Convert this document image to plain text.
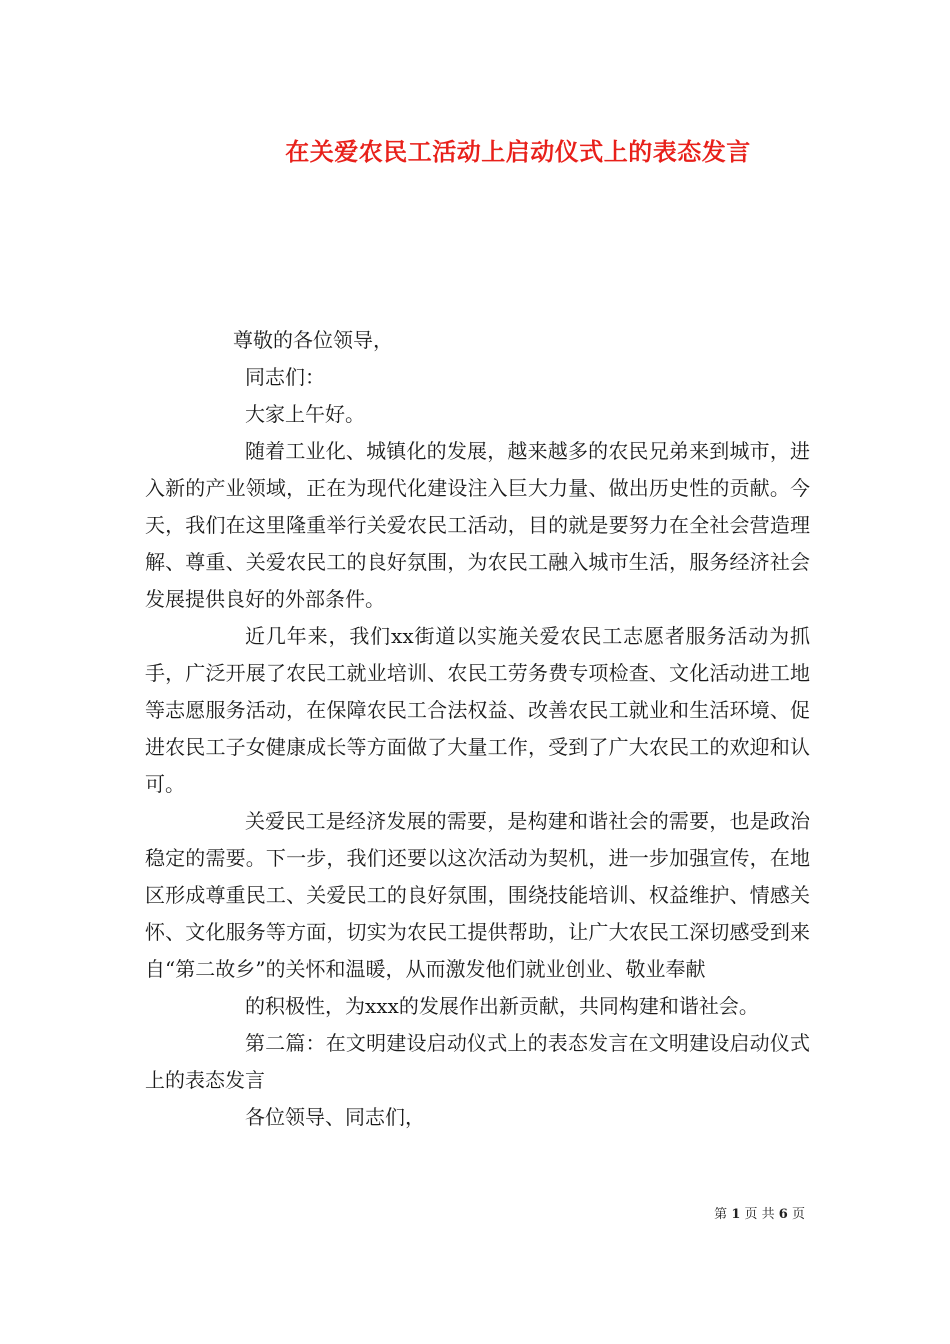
在关爱农民工活动上启动仪式上的表态发言

尊敬的各位领导，

同志们：

大家上午好。

随着工业化、城镇化的发展，越来越多的农民兄弟来到城市，进入新的产业领域，正在为现代化建设注入巨大力量、做出历史性的贡献。今天，我们在这里隆重举行关爱农民工活动，目的就是要努力在全社会营造理解、尊重、关爱农民工的良好氛围，为农民工融入城市生活，服务经济社会发展提供良好的外部条件。

近几年来，我们xx街道以实施关爱农民工志愿者服务活动为抓手，广泛开展了农民工就业培训、农民工劳务费专项检查、文化活动进工地等志愿服务活动，在保障农民工合法权益、改善农民工就业和生活环境、促进农民工子女健康成长等方面做了大量工作，受到了广大农民工的欢迎和认可。

关爱民工是经济发展的需要，是构建和谐社会的需要，也是政治稳定的需要。下一步，我们还要以这次活动为契机，进一步加强宣传，在地区形成尊重民工、关爱民工的良好氛围，围绕技能培训、权益维护、情感关怀、文化服务等方面，切实为农民工提供帮助，让广大农民工深切感受到来自“第二故乡”的关怀和温暖，从而激发他们就业创业、敬业奉献

的积极性，为xxx的发展作出新贡献，共同构建和谐社会。

第二篇：在文明建设启动仪式上的表态发言在文明建设启动仪式上的表态发言

各位领导、同志们，

第 1 页 共 6 页
